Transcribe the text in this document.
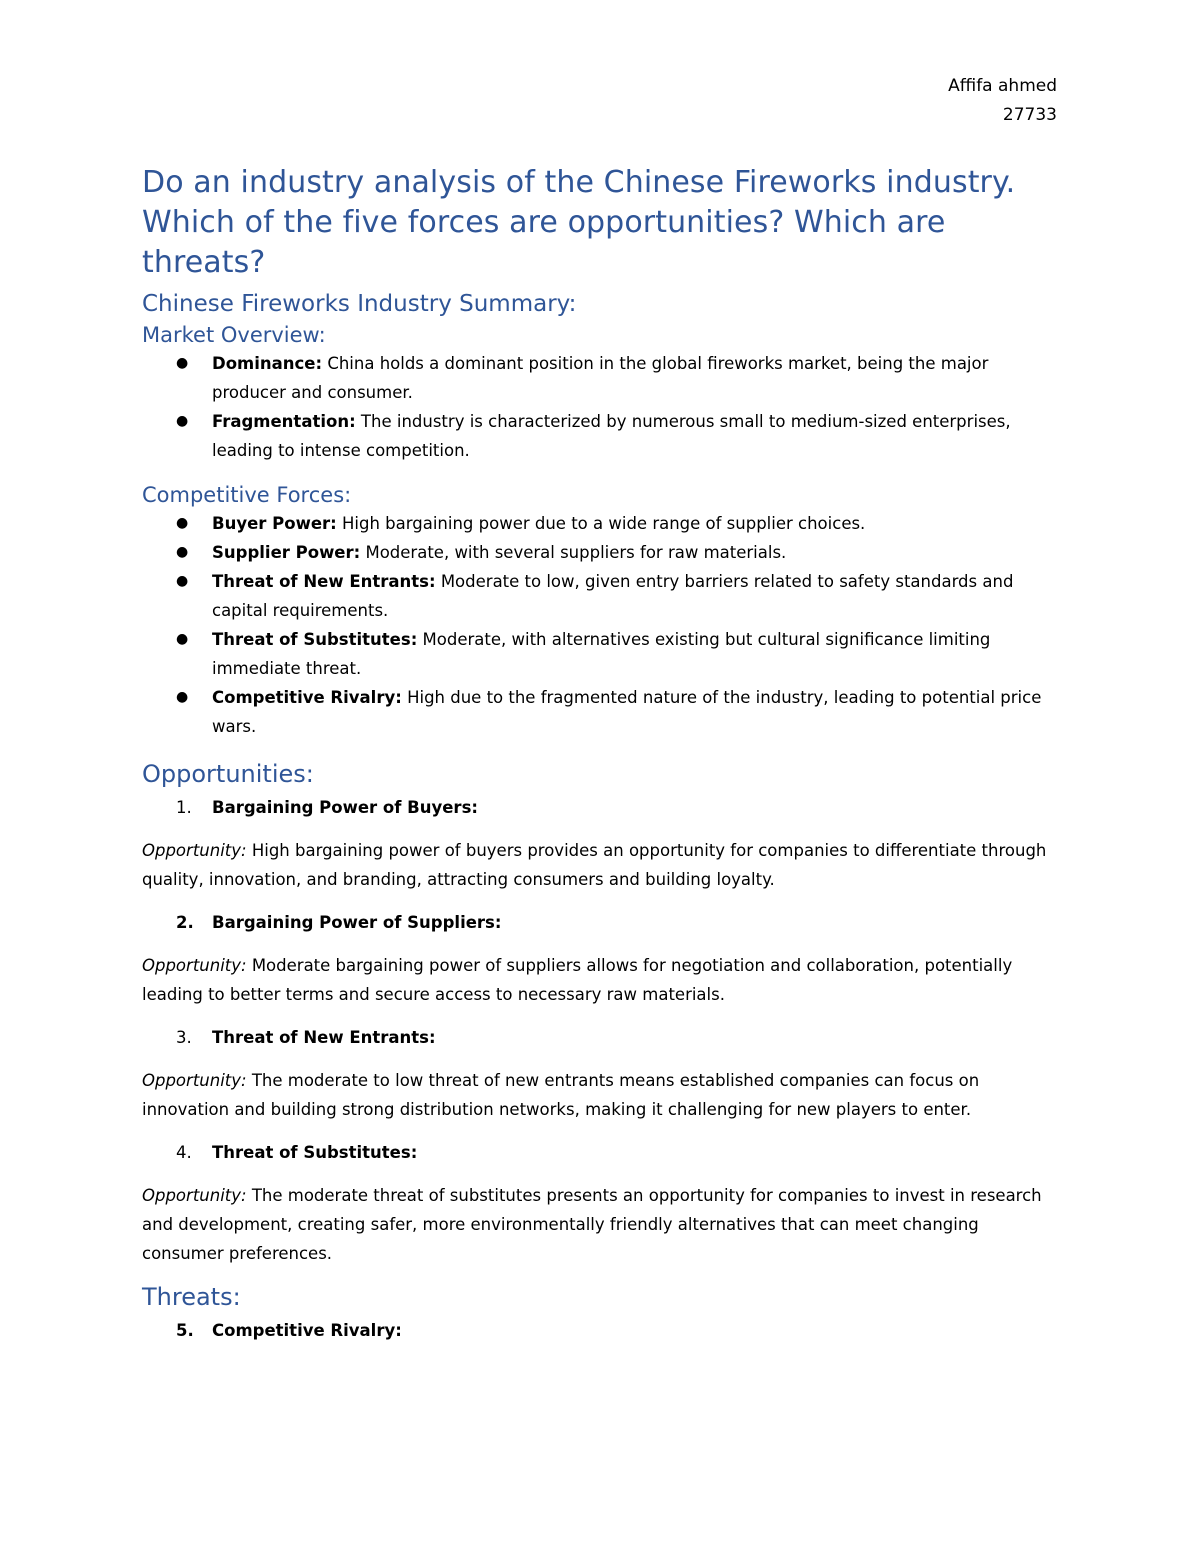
Affifa ahmed
27733
Do an industry analysis of the Chinese Fireworks industry. Which of the five forces are opportunities? Which are threats?
Chinese Fireworks Industry Summary:
Market Overview:
● Dominance: China holds a dominant position in the global fireworks market, being the major producer and consumer.
● Fragmentation: The industry is characterized by numerous small to medium-sized enterprises, leading to intense competition.
Competitive Forces:
● Buyer Power: High bargaining power due to a wide range of supplier choices.
● Supplier Power: Moderate, with several suppliers for raw materials.
● Threat of New Entrants: Moderate to low, given entry barriers related to safety standards and capital requirements.
● Threat of Substitutes: Moderate, with alternatives existing but cultural significance limiting immediate threat.
● Competitive Rivalry: High due to the fragmented nature of the industry, leading to potential price wars.
Opportunities:
1. Bargaining Power of Buyers:

Opportunity: High bargaining power of buyers provides an opportunity for companies to differentiate through quality, innovation, and branding, attracting consumers and building loyalty.

2. Bargaining Power of Suppliers:

Opportunity: Moderate bargaining power of suppliers allows for negotiation and collaboration, potentially leading to better terms and secure access to necessary raw materials.

3. Threat of New Entrants:

Opportunity: The moderate to low threat of new entrants means established companies can focus on innovation and building strong distribution networks, making it challenging for new players to enter.

4. Threat of Substitutes:

Opportunity: The moderate threat of substitutes presents an opportunity for companies to invest in research and development, creating safer, more environmentally friendly alternatives that can meet changing consumer preferences.

Threats:
5. Competitive Rivalry:
